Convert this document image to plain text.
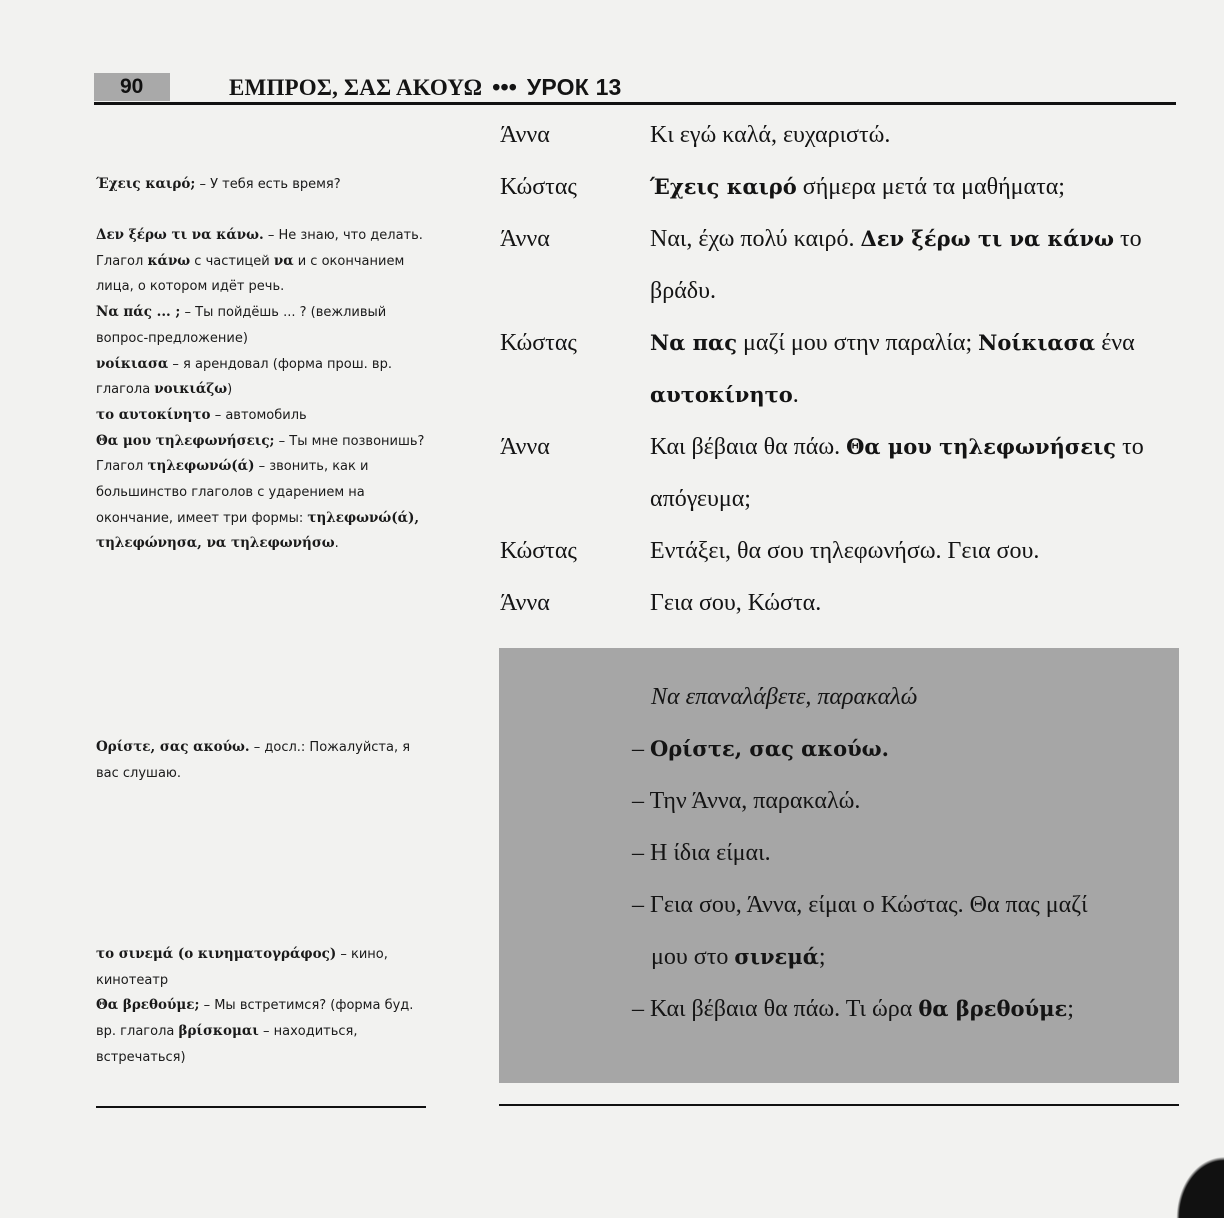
90	ΕΜΠΡΟΣ, ΣΑΣ ΑΚΟΥΩ ••• УРОК 13

Έχεις καιρό; – У тебя есть время?

Δεν ξέρω τι να κάνω. – Не знаю, что делать. Глагол κάνω с частицей να и с окончанием лица, о котором идёт речь.

Να πάς ... ; – Ты пойдёшь ... ? (вежливый вопрос-предложение)

νοίκιασα – я арендовал (форма прош. вр. глагола νοικιάζω)

το αυτοκίνητο – автомобиль

Θα μου τηλεφωνήσεις; – Ты мне позвонишь? Глагол τηλεφωνώ(ά) – звонить, как и большинство глаголов с ударением на окончание, имеет три формы: τηλεφωνώ(ά), τηλεφώνησα, να τηλεφωνήσω.

Ορίστε, σας ακούω. – досл.: Пожалуйста, я вас слушаю.

το σινεμά (ο κινηματογράφος) – кино, кинотеатр

Θα βρεθούμε; – Мы встретимся? (форма буд. вр. глагола βρίσκομαι – находиться, встречаться)

Άννα	Κι εγώ καλά, ευχαριστώ.
Κώστας	Έχεις καιρό σήμερα μετά τα μαθήματα;
Άννα	Ναι, έχω πολύ καιρό. Δεν ξέρω τι να κάνω το βράδυ.
Κώστας	Να πας μαζί μου στην παραλία; Νοίκιασα ένα αυτοκίνητο.
Άννα	Και βέβαια θα πάω. Θα μου τηλεφωνήσεις το απόγευμα;
Κώστας	Εντάξει, θα σου τηλεφωνήσω. Γεια σου.
Άννα	Γεια σου, Κώστα.
Να επαναλάβετε, παρακαλώ
– Ορίστε, σας ακούω.
– Την Άννα, παρακαλώ.
– Η ίδια είμαι.
– Γεια σου, Άννα, είμαι ο Κώστας. Θα πας μαζί
μου στο σινεμά;
– Και βέβαια θα πάω. Τι ώρα θα βρεθούμε;
